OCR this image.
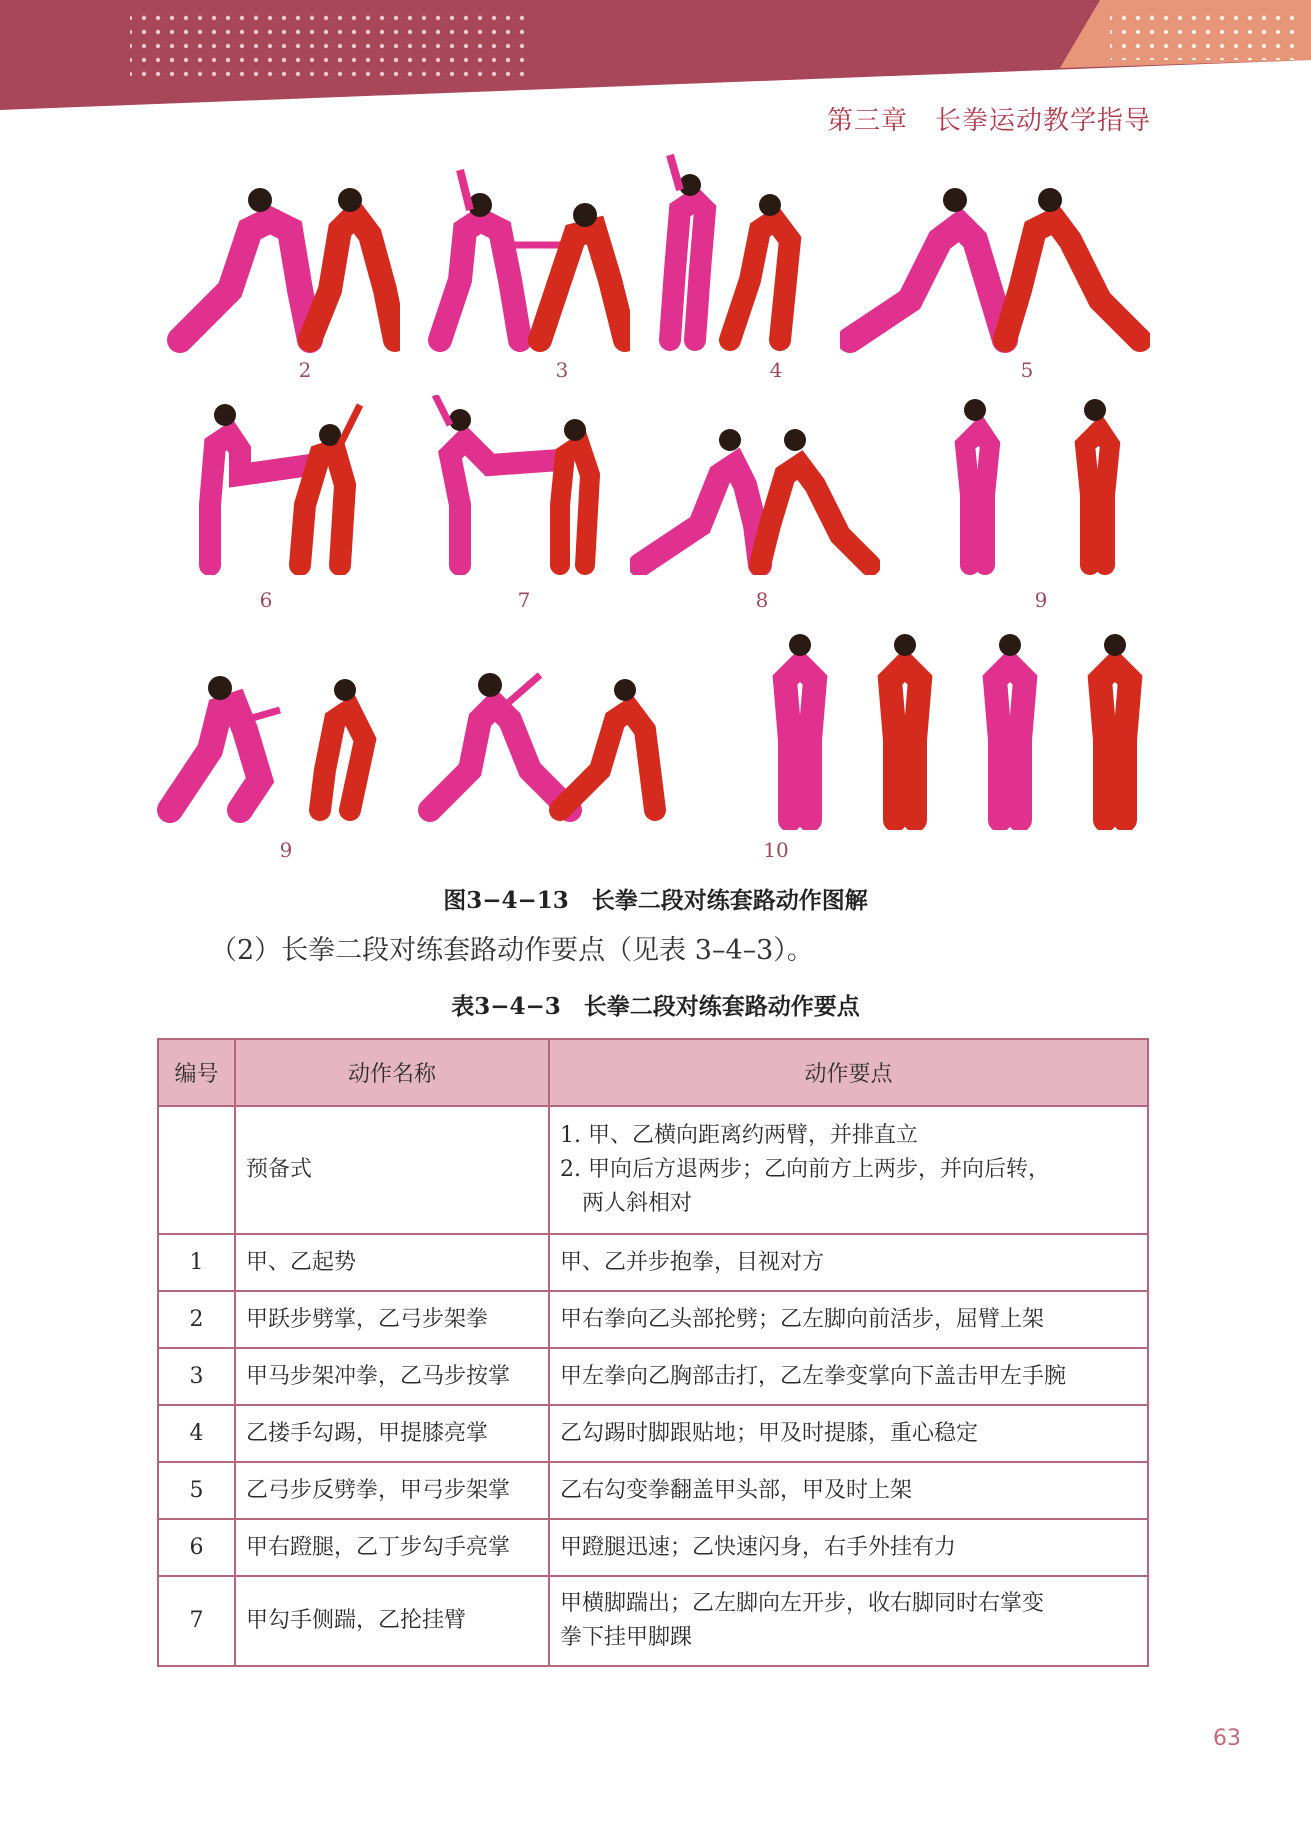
第三章　长拳运动教学指导
2	3	4	5
6	7	8	9
9	10
图3−4−13　长拳二段对练套路动作图解
（2）长拳二段对练套路动作要点（见表 3–4–3）。
表3−4−3　长拳二段对练套路动作要点
编号	动作名称	动作要点
	预备式	1. 甲、乙横向距离约两臂，并排直立
2. 甲向后方退两步；乙向前方上两步，并向后转，
　两人斜相对

1	甲、乙起势	甲、乙并步抱拳，目视对方
2	甲跃步劈掌，乙弓步架拳	甲右拳向乙头部抡劈；乙左脚向前活步，屈臂上架
3	甲马步架冲拳，乙马步按掌	甲左拳向乙胸部击打，乙左拳变掌向下盖击甲左手腕
4	乙搂手勾踢，甲提膝亮掌	乙勾踢时脚跟贴地；甲及时提膝，重心稳定
5	乙弓步反劈拳，甲弓步架掌	乙右勾变拳翻盖甲头部，甲及时上架
6	甲右蹬腿，乙丁步勾手亮掌	甲蹬腿迅速；乙快速闪身，右手外挂有力
7	甲勾手侧踹，乙抡挂臂	甲横脚踹出；乙左脚向左开步，收右脚同时右掌变
拳下挂甲脚踝
63
